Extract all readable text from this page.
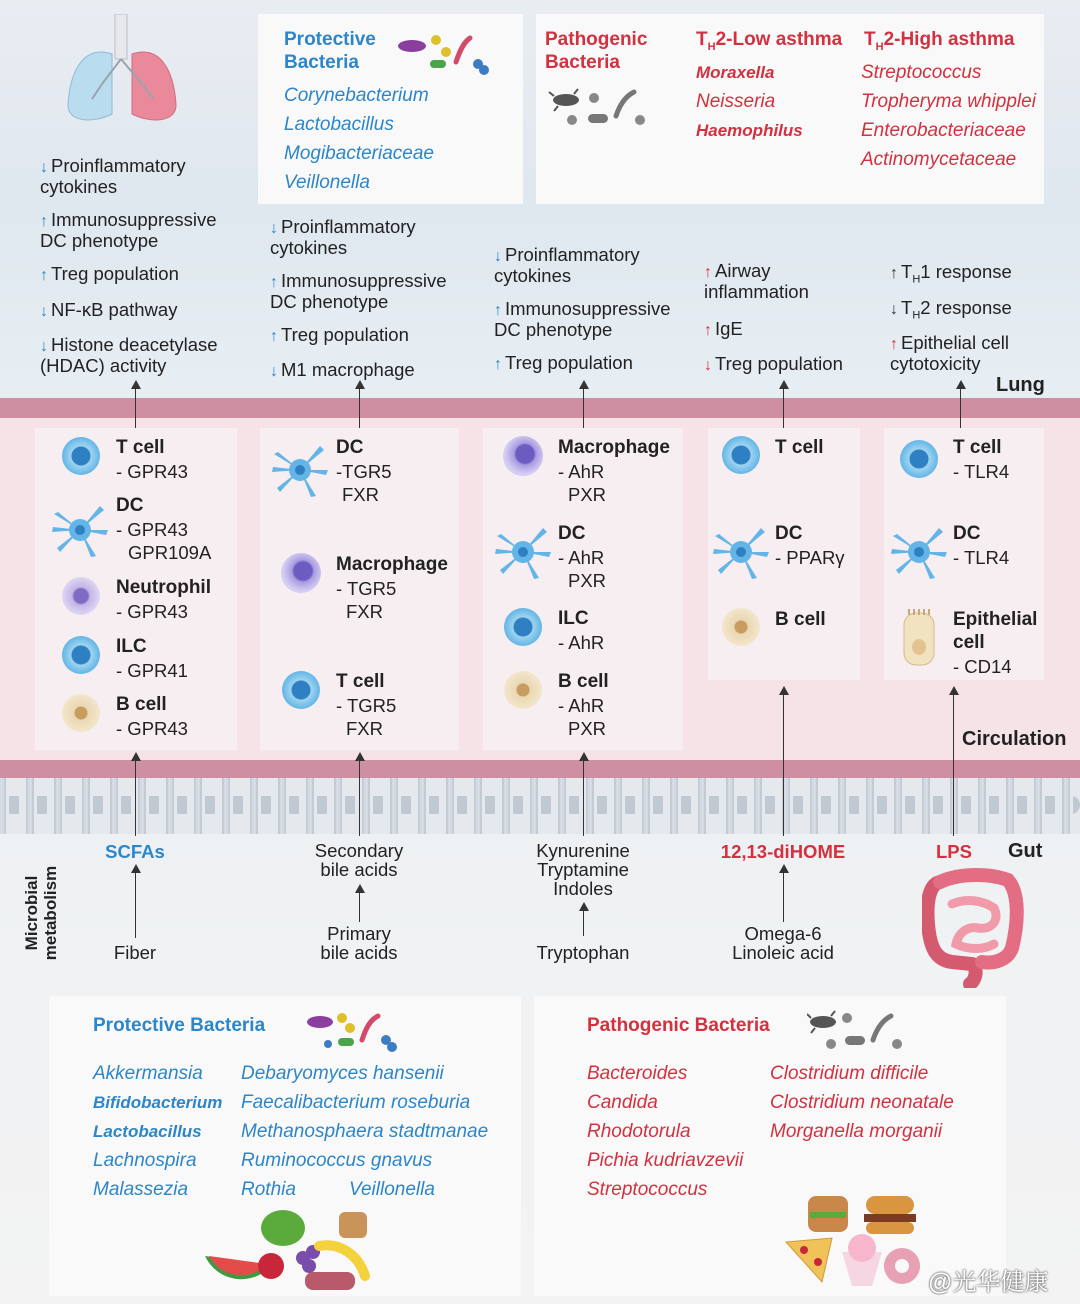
Protective Bacteria
Corynebacterium
Lactobacillus
Mogibacteriaceae
Veillonella
Pathogenic Bacteria
$T_H2$-Low asthma
Moraxella
Neisseria
Haemophilus
$T_H2$-High asthma
Streptococcus
Tropheryma whipplei
Enterobacteriaceae
Actinomycetaceae
↓ Proinflammatory cytokines
↑ Immunosuppressive DC phenotype
↑ Treg population
↓ NF-κB pathway
↓ Histone deacetylase (HDAC) activity
↓ Proinflammatory cytokines
↑ Immunosuppressive DC phenotype
↑ Treg population
↓ M1 macrophage
↓ Proinflammatory cytokines
↑ Immunosuppressive DC phenotype
↑ Treg population
↑ Airway inflammation
↑ IgE
↓ Treg population
↑ $T_H1$ response
↓ $T_H2$ response
↑ Epithelial cell cytotoxicity
Lung
Circulation
T cell
- GPR43
DC
- GPR43
GPR109A
Neutrophil
- GPR43
ILC
- GPR41
B cell
- GPR43
DC
-TGR5
FXR
Macrophage
- TGR5
FXR
T cell
- TGR5
FXR
Macrophage
- AhR
PXR
DC
- AhR
PXR
ILC
- AhR
B cell
- AhR
PXR
T cell
DC
- PPARγ
B cell
T cell
- TLR4
DC
- TLR4
Epithelial
cell
- CD14
SCFAs	Secondary
bile acids
Kynurenine
Tryptamine
Indoles
12,13-diHOME	LPS	Gut
Fiber
Primary
bile acids	Tryptophan
Omega-6
Linoleic acid
Microbial metabolism
Protective Bacteria
Akkermansia
Bifidobacterium
Lactobacillus
Lachnospira
Malassezia
Debaryomyces hansenii
Faecalibacterium roseburia
Methanosphaera stadtmanae
Ruminococcus gnavus
Rothia	Veillonella
Pathogenic Bacteria
Bacteroides
Candida
Rhodotorula
Pichia kudriavzevii
Streptococcus
Clostridium difficile
Clostridium neonatale
Morganella morganii
@光华健康
